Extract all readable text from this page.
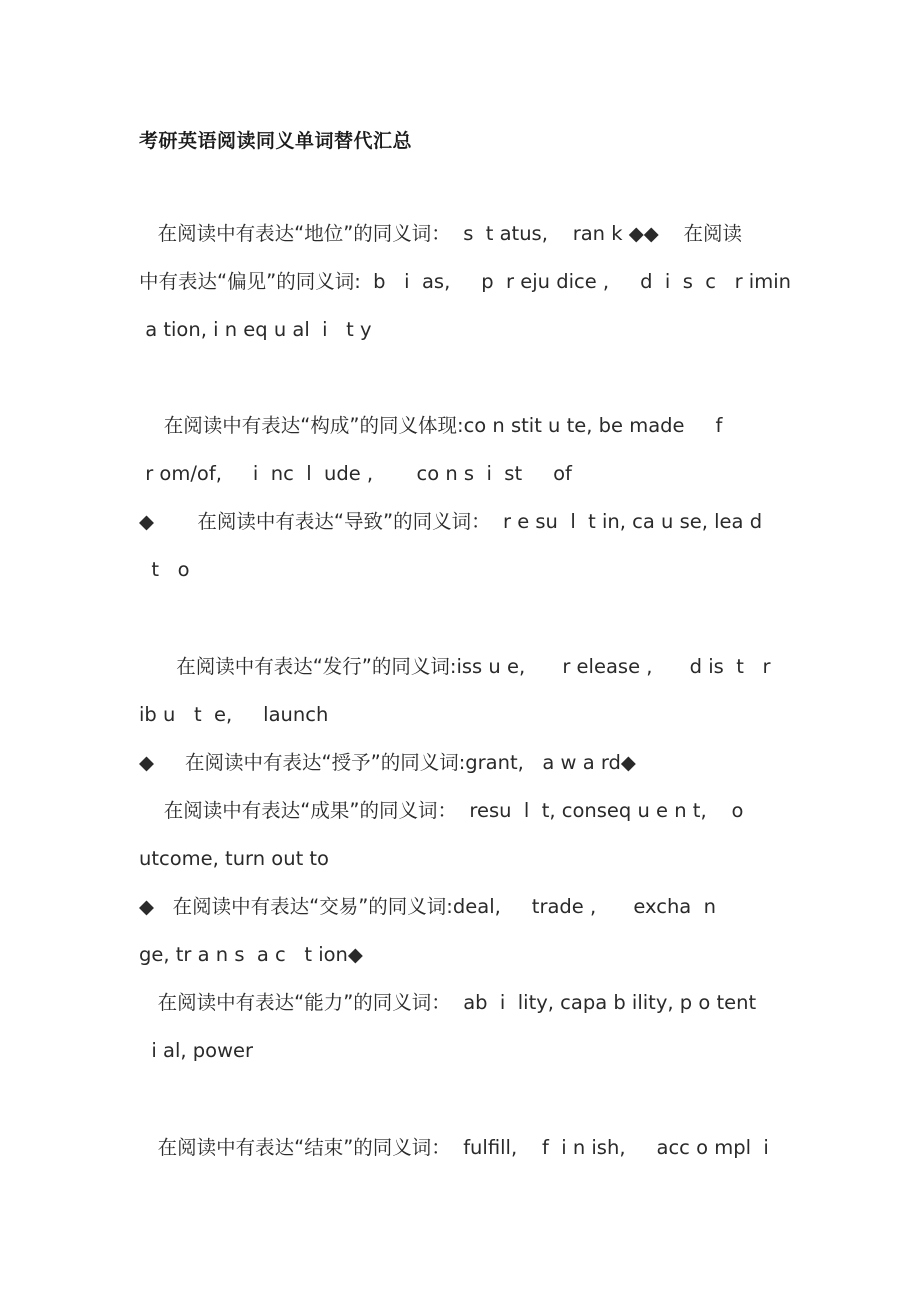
考研英语阅读同义单词替代汇总
在阅读中有表达“地位”的同义词：  s  t atus,    ran k ◆◆    在阅读
中有表达“偏见”的同义词:  b   i  as,     p  r eju dice ,     d  i  s  c   r imin
a tion, i n eq u al  i   t y
在阅读中有表达“构成”的同义体现:co n stit u te, be made     f
r om/of,     i  nc  l  ude ,       co n s  i  st     of
◆       在阅读中有表达“导致”的同义词：  r e su  l  t in, ca u se, lea d
t   o
在阅读中有表达“发行”的同义词:iss u e,      r elease ,      d is  t   r
ib u   t  e,     launch
◆     在阅读中有表达“授予”的同义词:grant,   a w a rd◆
在阅读中有表达“成果”的同义词：  resu  l  t, conseq u e n t,    o
utcome, turn out to
◆   在阅读中有表达“交易”的同义词:deal,     trade ,      excha  n
ge, tr a n s  a c   t ion◆
在阅读中有表达“能力”的同义词：  ab  i  lity, capa b ility, p o tent
i al, power
在阅读中有表达“结束”的同义词：  fulfill,    f  i n ish,     acc o mpl  i
